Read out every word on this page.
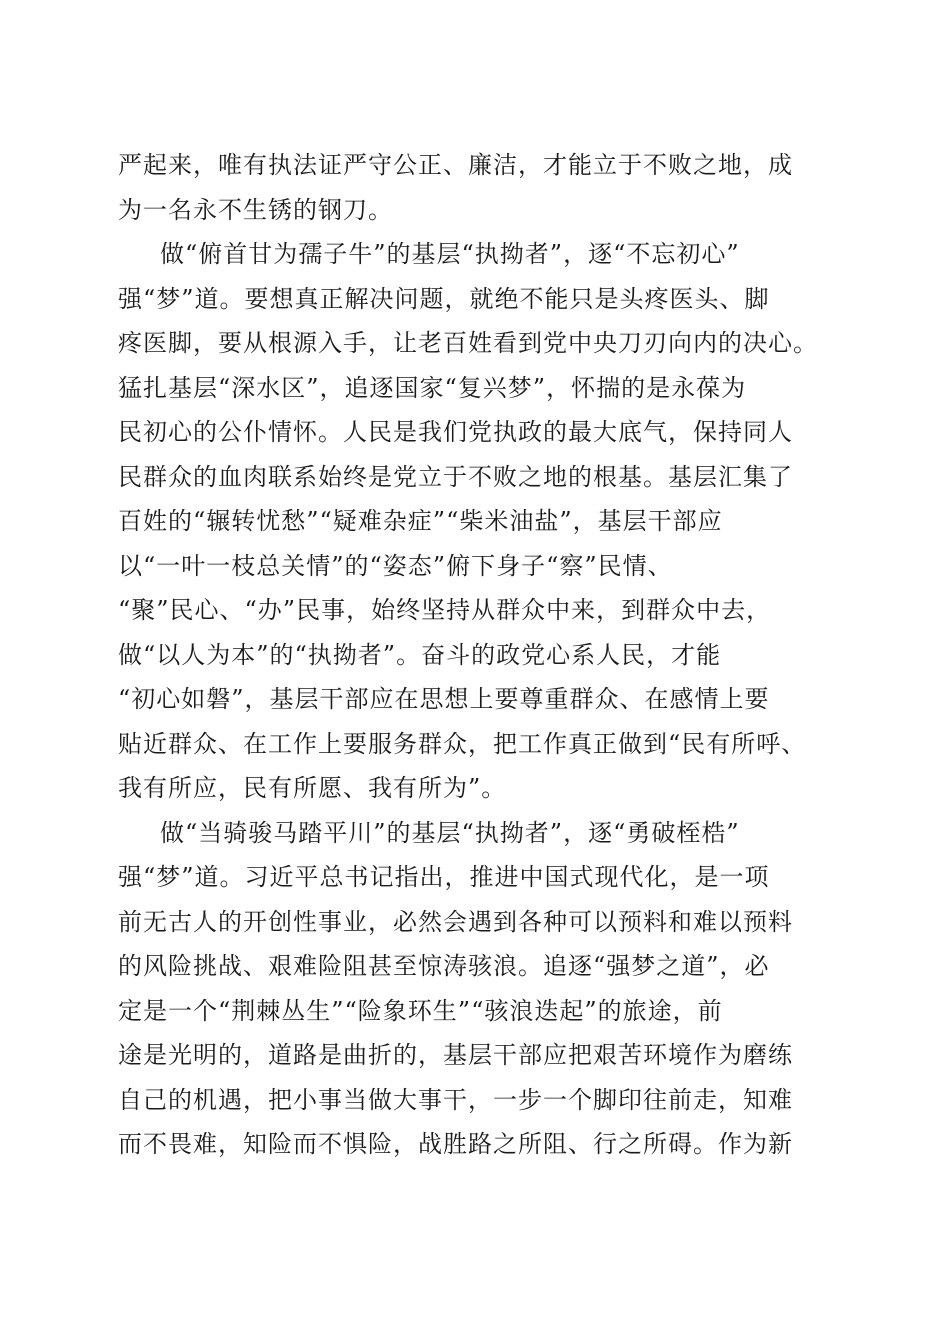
严起来，唯有执法证严守公正、廉洁，才能立于不败之地，成
为一名永不生锈的钢刀。
做“俯首甘为孺子牛”的基层“执拗者”，逐“不忘初心”
强“梦”道。要想真正解决问题，就绝不能只是头疼医头、脚
疼医脚，要从根源入手，让老百姓看到党中央刀刃向内的决心。
猛扎基层“深水区”，追逐国家“复兴梦”，怀揣的是永葆为
民初心的公仆情怀。人民是我们党执政的最大底气，保持同人
民群众的血肉联系始终是党立于不败之地的根基。基层汇集了
百姓的“辗转忧愁”“疑难杂症”“柴米油盐”，基层干部应
以“一叶一枝总关情”的“姿态”俯下身子“察”民情、
“聚”民心、“办”民事，始终坚持从群众中来，到群众中去，
做“以人为本”的“执拗者”。奋斗的政党心系人民，才能
“初心如磐”，基层干部应在思想上要尊重群众、在感情上要
贴近群众、在工作上要服务群众，把工作真正做到“民有所呼、
我有所应，民有所愿、我有所为”。
做“当骑骏马踏平川”的基层“执拗者”，逐“勇破桎梏”
强“梦”道。习近平总书记指出，推进中国式现代化，是一项
前无古人的开创性事业，必然会遇到各种可以预料和难以预料
的风险挑战、艰难险阻甚至惊涛骇浪。追逐“强梦之道”，必
定是一个“荆棘丛生”“险象环生”“骇浪迭起”的旅途，前
途是光明的，道路是曲折的，基层干部应把艰苦环境作为磨练
自己的机遇，把小事当做大事干，一步一个脚印往前走，知难
而不畏难，知险而不惧险，战胜路之所阻、行之所碍。作为新
